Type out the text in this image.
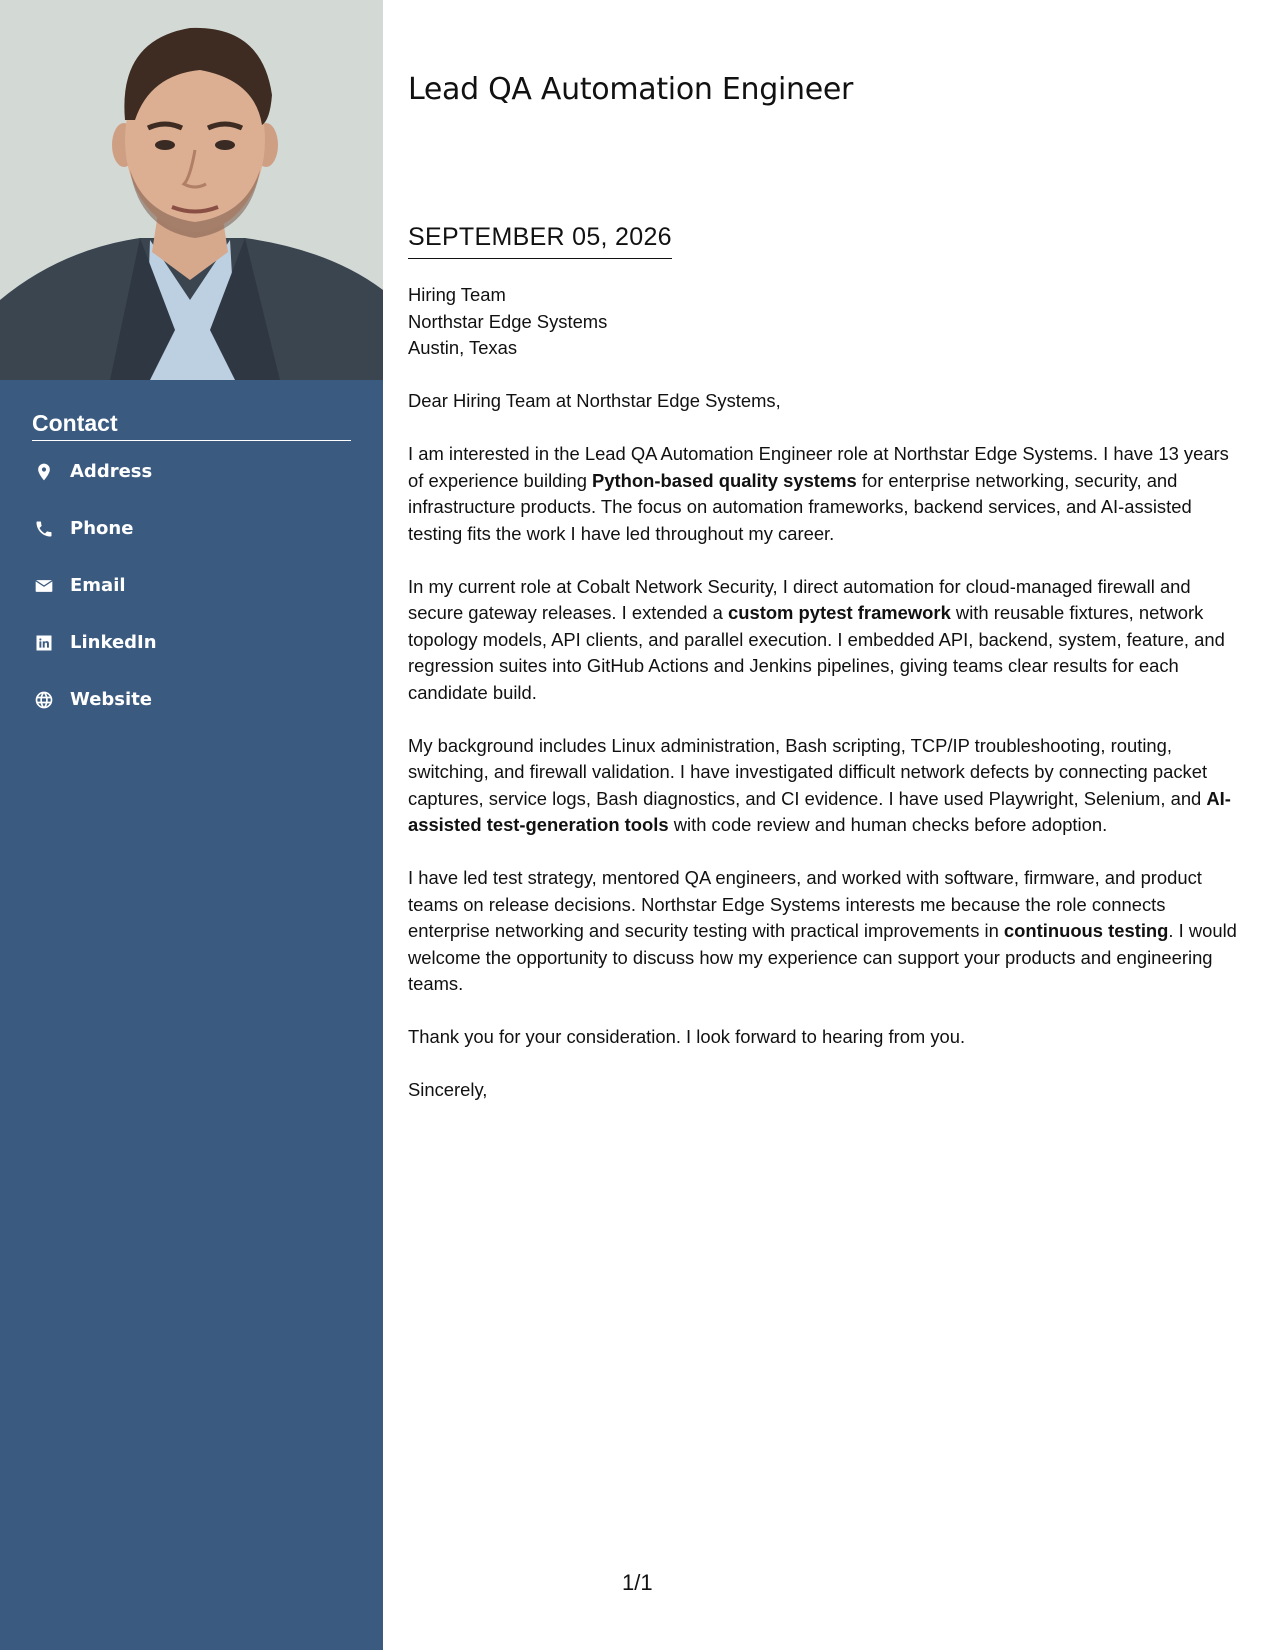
Contact
Address
Phone
Email
LinkedIn
Website
Lead QA Automation Engineer
SEPTEMBER 05, 2026
Hiring Team
Northstar Edge Systems
Austin, Texas

Dear Hiring Team at Northstar Edge Systems,

I am interested in the Lead QA Automation Engineer role at Northstar Edge Systems. I have 13 years of experience building Python-based quality systems for enterprise networking, security, and infrastructure products. The focus on automation frameworks, backend services, and AI-assisted testing fits the work I have led throughout my career.

In my current role at Cobalt Network Security, I direct automation for cloud-managed firewall and secure gateway releases. I extended a custom pytest framework with reusable fixtures, network topology models, API clients, and parallel execution. I embedded API, backend, system, feature, and regression suites into GitHub Actions and Jenkins pipelines, giving teams clear results for each candidate build.

My background includes Linux administration, Bash scripting, TCP/IP troubleshooting, routing, switching, and firewall validation. I have investigated difficult network defects by connecting packet captures, service logs, Bash diagnostics, and CI evidence. I have used Playwright, Selenium, and AI-assisted test-generation tools with code review and human checks before adoption.

I have led test strategy, mentored QA engineers, and worked with software, firmware, and product teams on release decisions. Northstar Edge Systems interests me because the role connects enterprise networking and security testing with practical improvements in continuous testing. I would welcome the opportunity to discuss how my experience can support your products and engineering teams.

Thank you for your consideration. I look forward to hearing from you.

Sincerely,

1/1
